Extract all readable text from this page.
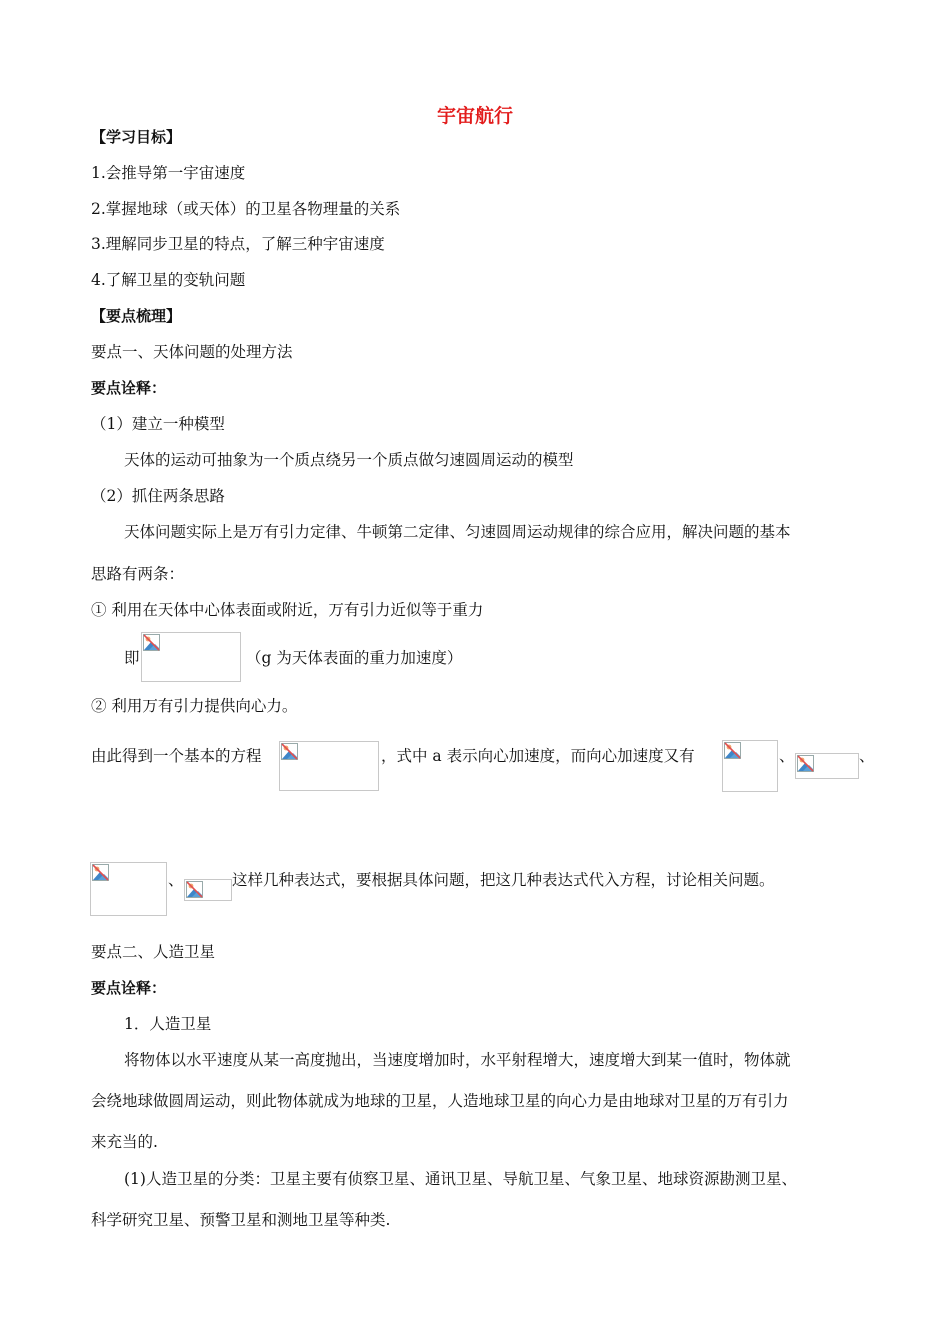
宇宙航行
【学习目标】
1.会推导第一宇宙速度
2.掌握地球（或天体）的卫星各物理量的关系
3.理解同步卫星的特点，了解三种宇宙速度
4.了解卫星的变轨问题
【要点梳理】
要点一、天体问题的处理方法
要点诠释：
（1）建立一种模型
天体的运动可抽象为一个质点绕另一个质点做匀速圆周运动的模型
（2）抓住两条思路
天体问题实际上是万有引力定律、牛顿第二定律、匀速圆周运动规律的综合应用，解决问题的基本
思路有两条：
① 利用在天体中心体表面或附近，万有引力近似等于重力
即	（g 为天体表面的重力加速度）
② 利用万有引力提供向心力。
由此得到一个基本的方程	，式中 a 表示向心加速度，而向心加速度又有	、	、
、	这样几种表达式，要根据具体问题，把这几种表达式代入方程，讨论相关问题。
要点二、人造卫星
要点诠释：
1．人造卫星
将物体以水平速度从某一高度抛出，当速度增加时，水平射程增大，速度增大到某一值时，物体就
会绕地球做圆周运动，则此物体就成为地球的卫星，人造地球卫星的向心力是由地球对卫星的万有引力
来充当的.
(1)人造卫星的分类：卫星主要有侦察卫星、通讯卫星、导航卫星、气象卫星、地球资源勘测卫星、
科学研究卫星、预警卫星和测地卫星等种类.
